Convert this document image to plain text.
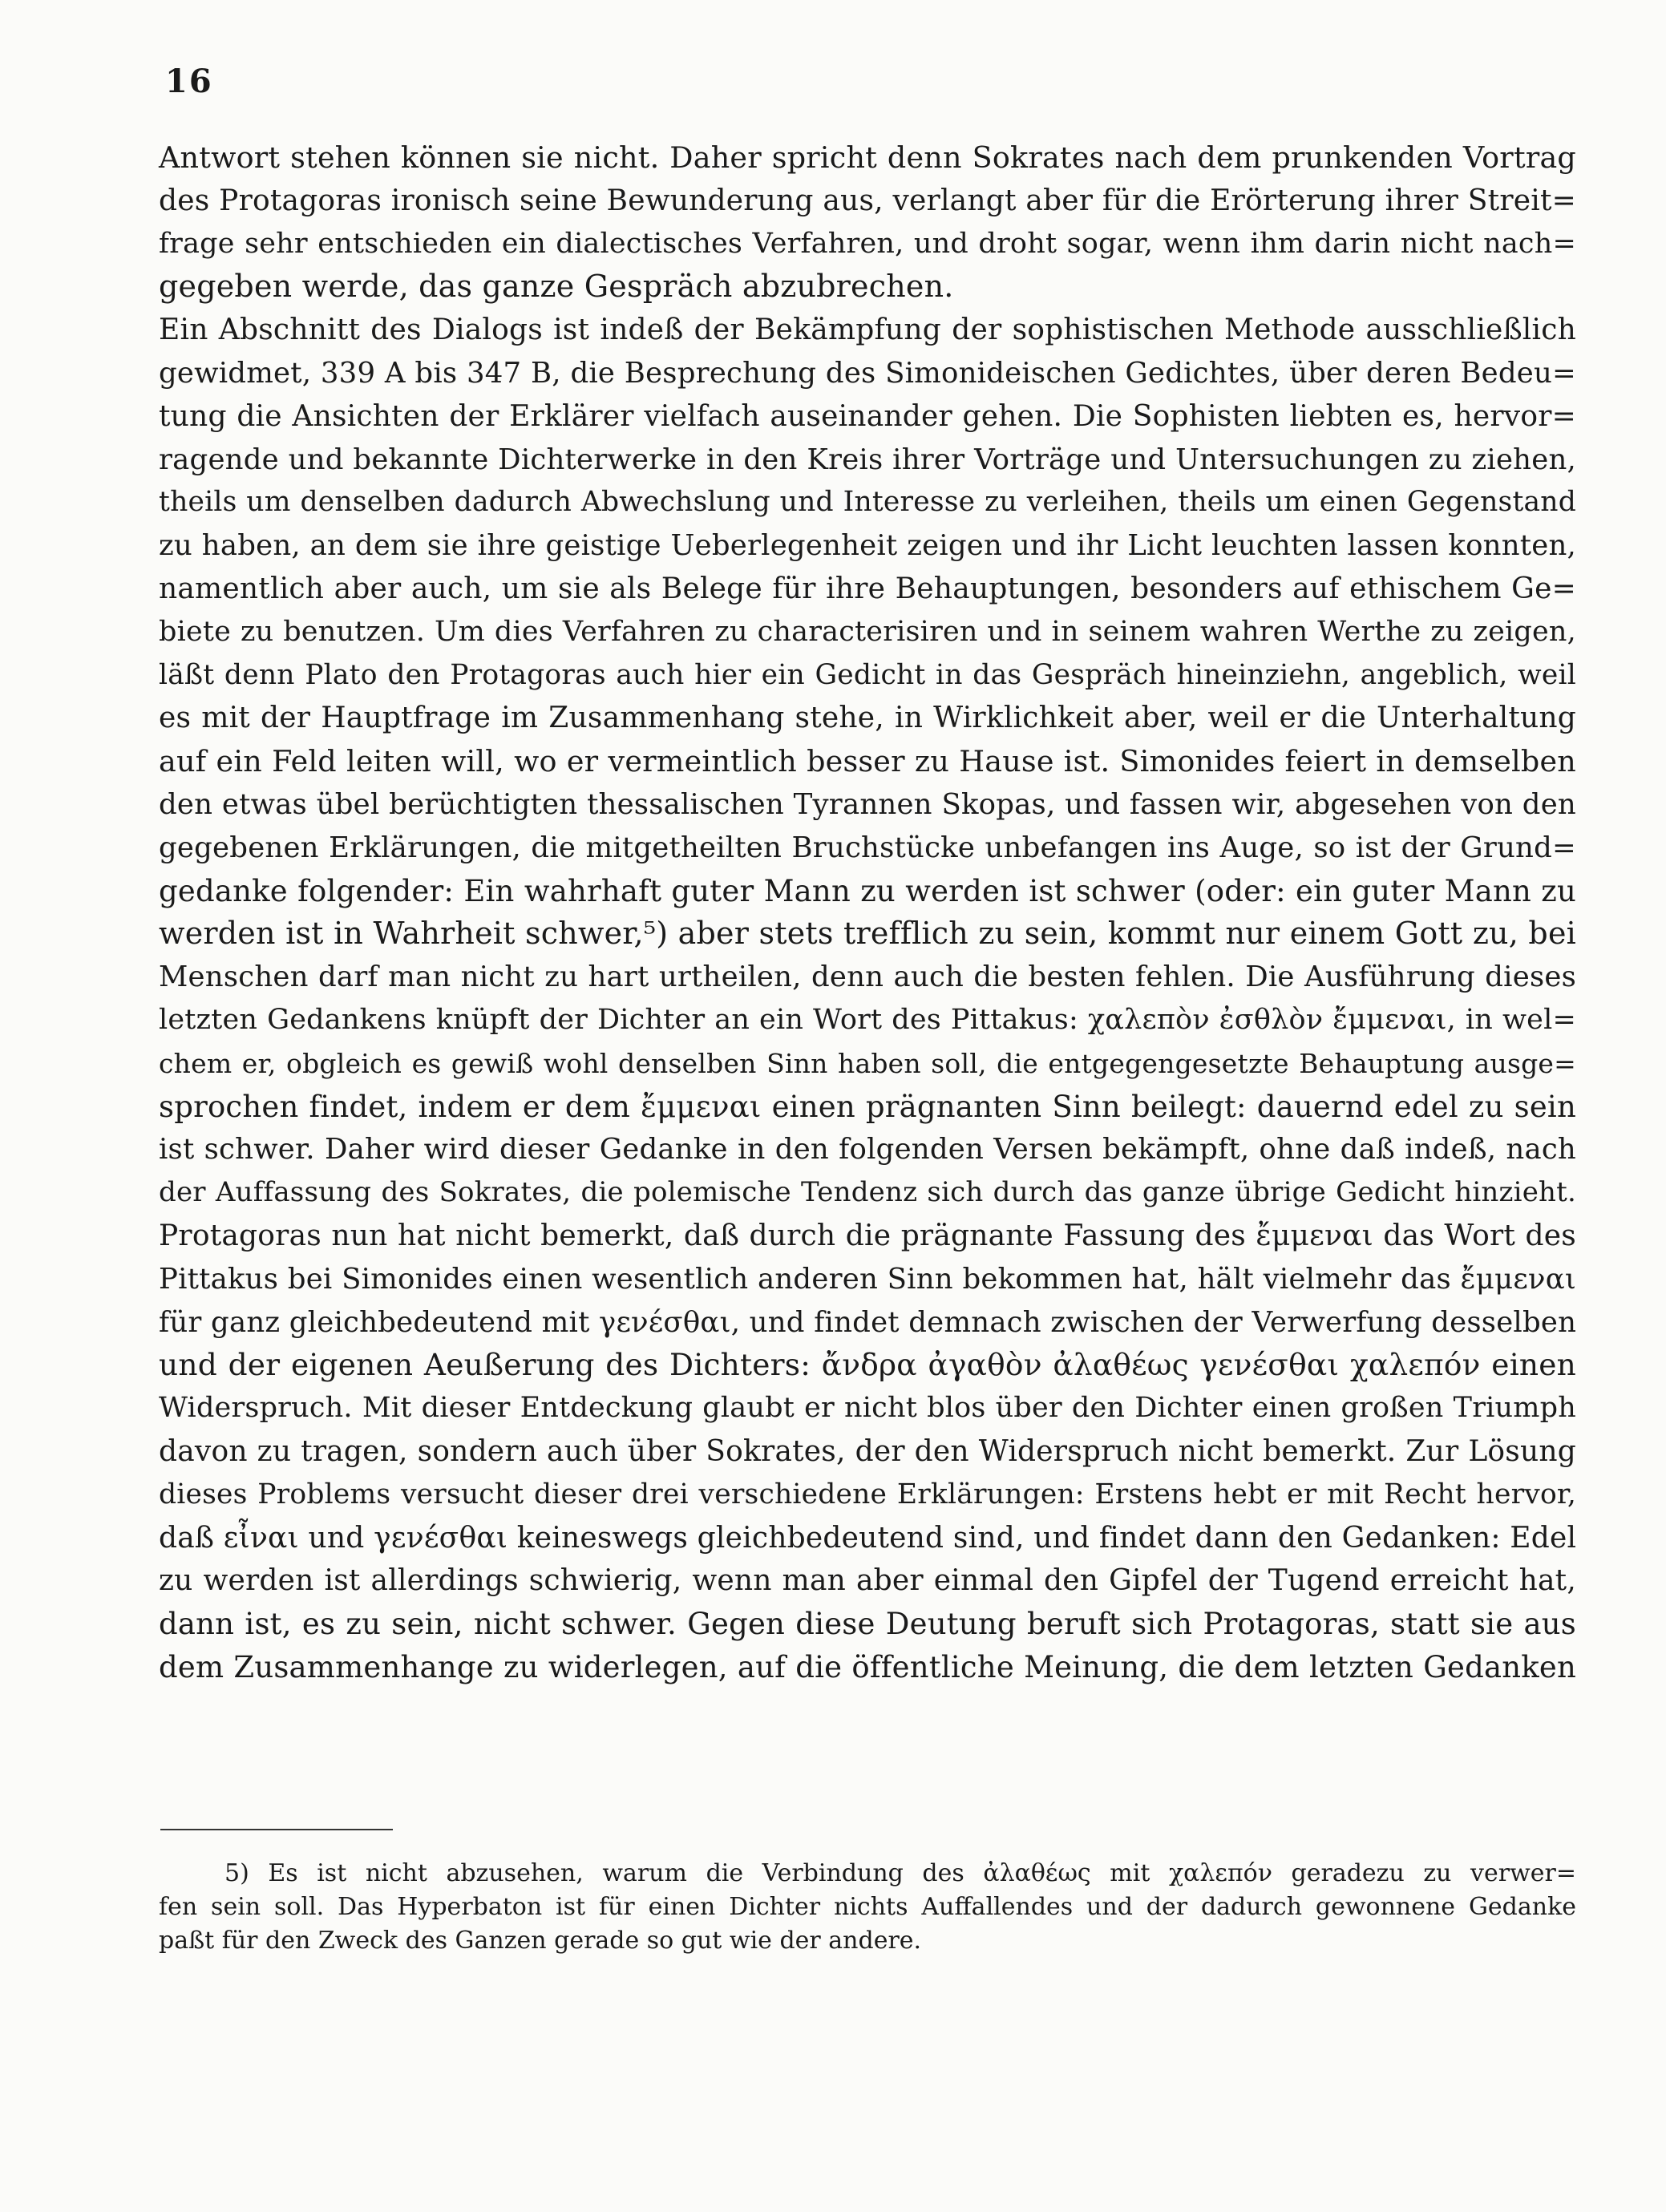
16
Antwort stehen können sie nicht. Daher spricht denn Sokrates nach dem prunkenden Vortrag
des Protagoras ironisch seine Bewunderung aus, verlangt aber für die Erörterung ihrer Streit=
frage sehr entschieden ein dialectisches Verfahren, und droht sogar, wenn ihm darin nicht nach=
gegeben werde, das ganze Gespräch abzubrechen.
Ein Abschnitt des Dialogs ist indeß der Bekämpfung der sophistischen Methode ausschließlich
gewidmet, 339 A bis 347 B, die Besprechung des Simonideischen Gedichtes, über deren Bedeu=
tung die Ansichten der Erklärer vielfach auseinander gehen. Die Sophisten liebten es, hervor=
ragende und bekannte Dichterwerke in den Kreis ihrer Vorträge und Untersuchungen zu ziehen,
theils um denselben dadurch Abwechslung und Interesse zu verleihen, theils um einen Gegenstand
zu haben, an dem sie ihre geistige Ueberlegenheit zeigen und ihr Licht leuchten lassen konnten,
namentlich aber auch, um sie als Belege für ihre Behauptungen, besonders auf ethischem Ge=
biete zu benutzen. Um dies Verfahren zu characterisiren und in seinem wahren Werthe zu zeigen,
läßt denn Plato den Protagoras auch hier ein Gedicht in das Gespräch hineinziehn, angeblich, weil
es mit der Hauptfrage im Zusammenhang stehe, in Wirklichkeit aber, weil er die Unterhaltung
auf ein Feld leiten will, wo er vermeintlich besser zu Hause ist. Simonides feiert in demselben
den etwas übel berüchtigten thessalischen Tyrannen Skopas, und fassen wir, abgesehen von den
gegebenen Erklärungen, die mitgetheilten Bruchstücke unbefangen ins Auge, so ist der Grund=
gedanke folgender: Ein wahrhaft guter Mann zu werden ist schwer (oder: ein guter Mann zu
werden ist in Wahrheit schwer,⁵) aber stets trefflich zu sein, kommt nur einem Gott zu, bei
Menschen darf man nicht zu hart urtheilen, denn auch die besten fehlen. Die Ausführung dieses
letzten Gedankens knüpft der Dichter an ein Wort des Pittakus: χαλεπὸν ἐσθλὸν ἔμμεναι, in wel=
chem er, obgleich es gewiß wohl denselben Sinn haben soll, die entgegengesetzte Behauptung ausge=
sprochen findet, indem er dem ἔμμεναι einen prägnanten Sinn beilegt: dauernd edel zu sein
ist schwer. Daher wird dieser Gedanke in den folgenden Versen bekämpft, ohne daß indeß, nach
der Auffassung des Sokrates, die polemische Tendenz sich durch das ganze übrige Gedicht hinzieht.
Protagoras nun hat nicht bemerkt, daß durch die prägnante Fassung des ἔμμεναι das Wort des
Pittakus bei Simonides einen wesentlich anderen Sinn bekommen hat, hält vielmehr das ἔμμεναι
für ganz gleichbedeutend mit γενέσθαι, und findet demnach zwischen der Verwerfung desselben
und der eigenen Aeußerung des Dichters: ἄνδρα ἀγαθὸν ἀλαθέως γενέσθαι χαλεπόν einen
Widerspruch. Mit dieser Entdeckung glaubt er nicht blos über den Dichter einen großen Triumph
davon zu tragen, sondern auch über Sokrates, der den Widerspruch nicht bemerkt. Zur Lösung
dieses Problems versucht dieser drei verschiedene Erklärungen: Erstens hebt er mit Recht hervor,
daß εἶναι und γενέσθαι keineswegs gleichbedeutend sind, und findet dann den Gedanken: Edel
zu werden ist allerdings schwierig, wenn man aber einmal den Gipfel der Tugend erreicht hat,
dann ist, es zu sein, nicht schwer. Gegen diese Deutung beruft sich Protagoras, statt sie aus
dem Zusammenhange zu widerlegen, auf die öffentliche Meinung, die dem letzten Gedanken
5) Es ist nicht abzusehen, warum die Verbindung des ἀλαθέως mit χαλεπόν geradezu zu verwer=
fen sein soll. Das Hyperbaton ist für einen Dichter nichts Auffallendes und der dadurch gewonnene Gedanke
paßt für den Zweck des Ganzen gerade so gut wie der andere.
